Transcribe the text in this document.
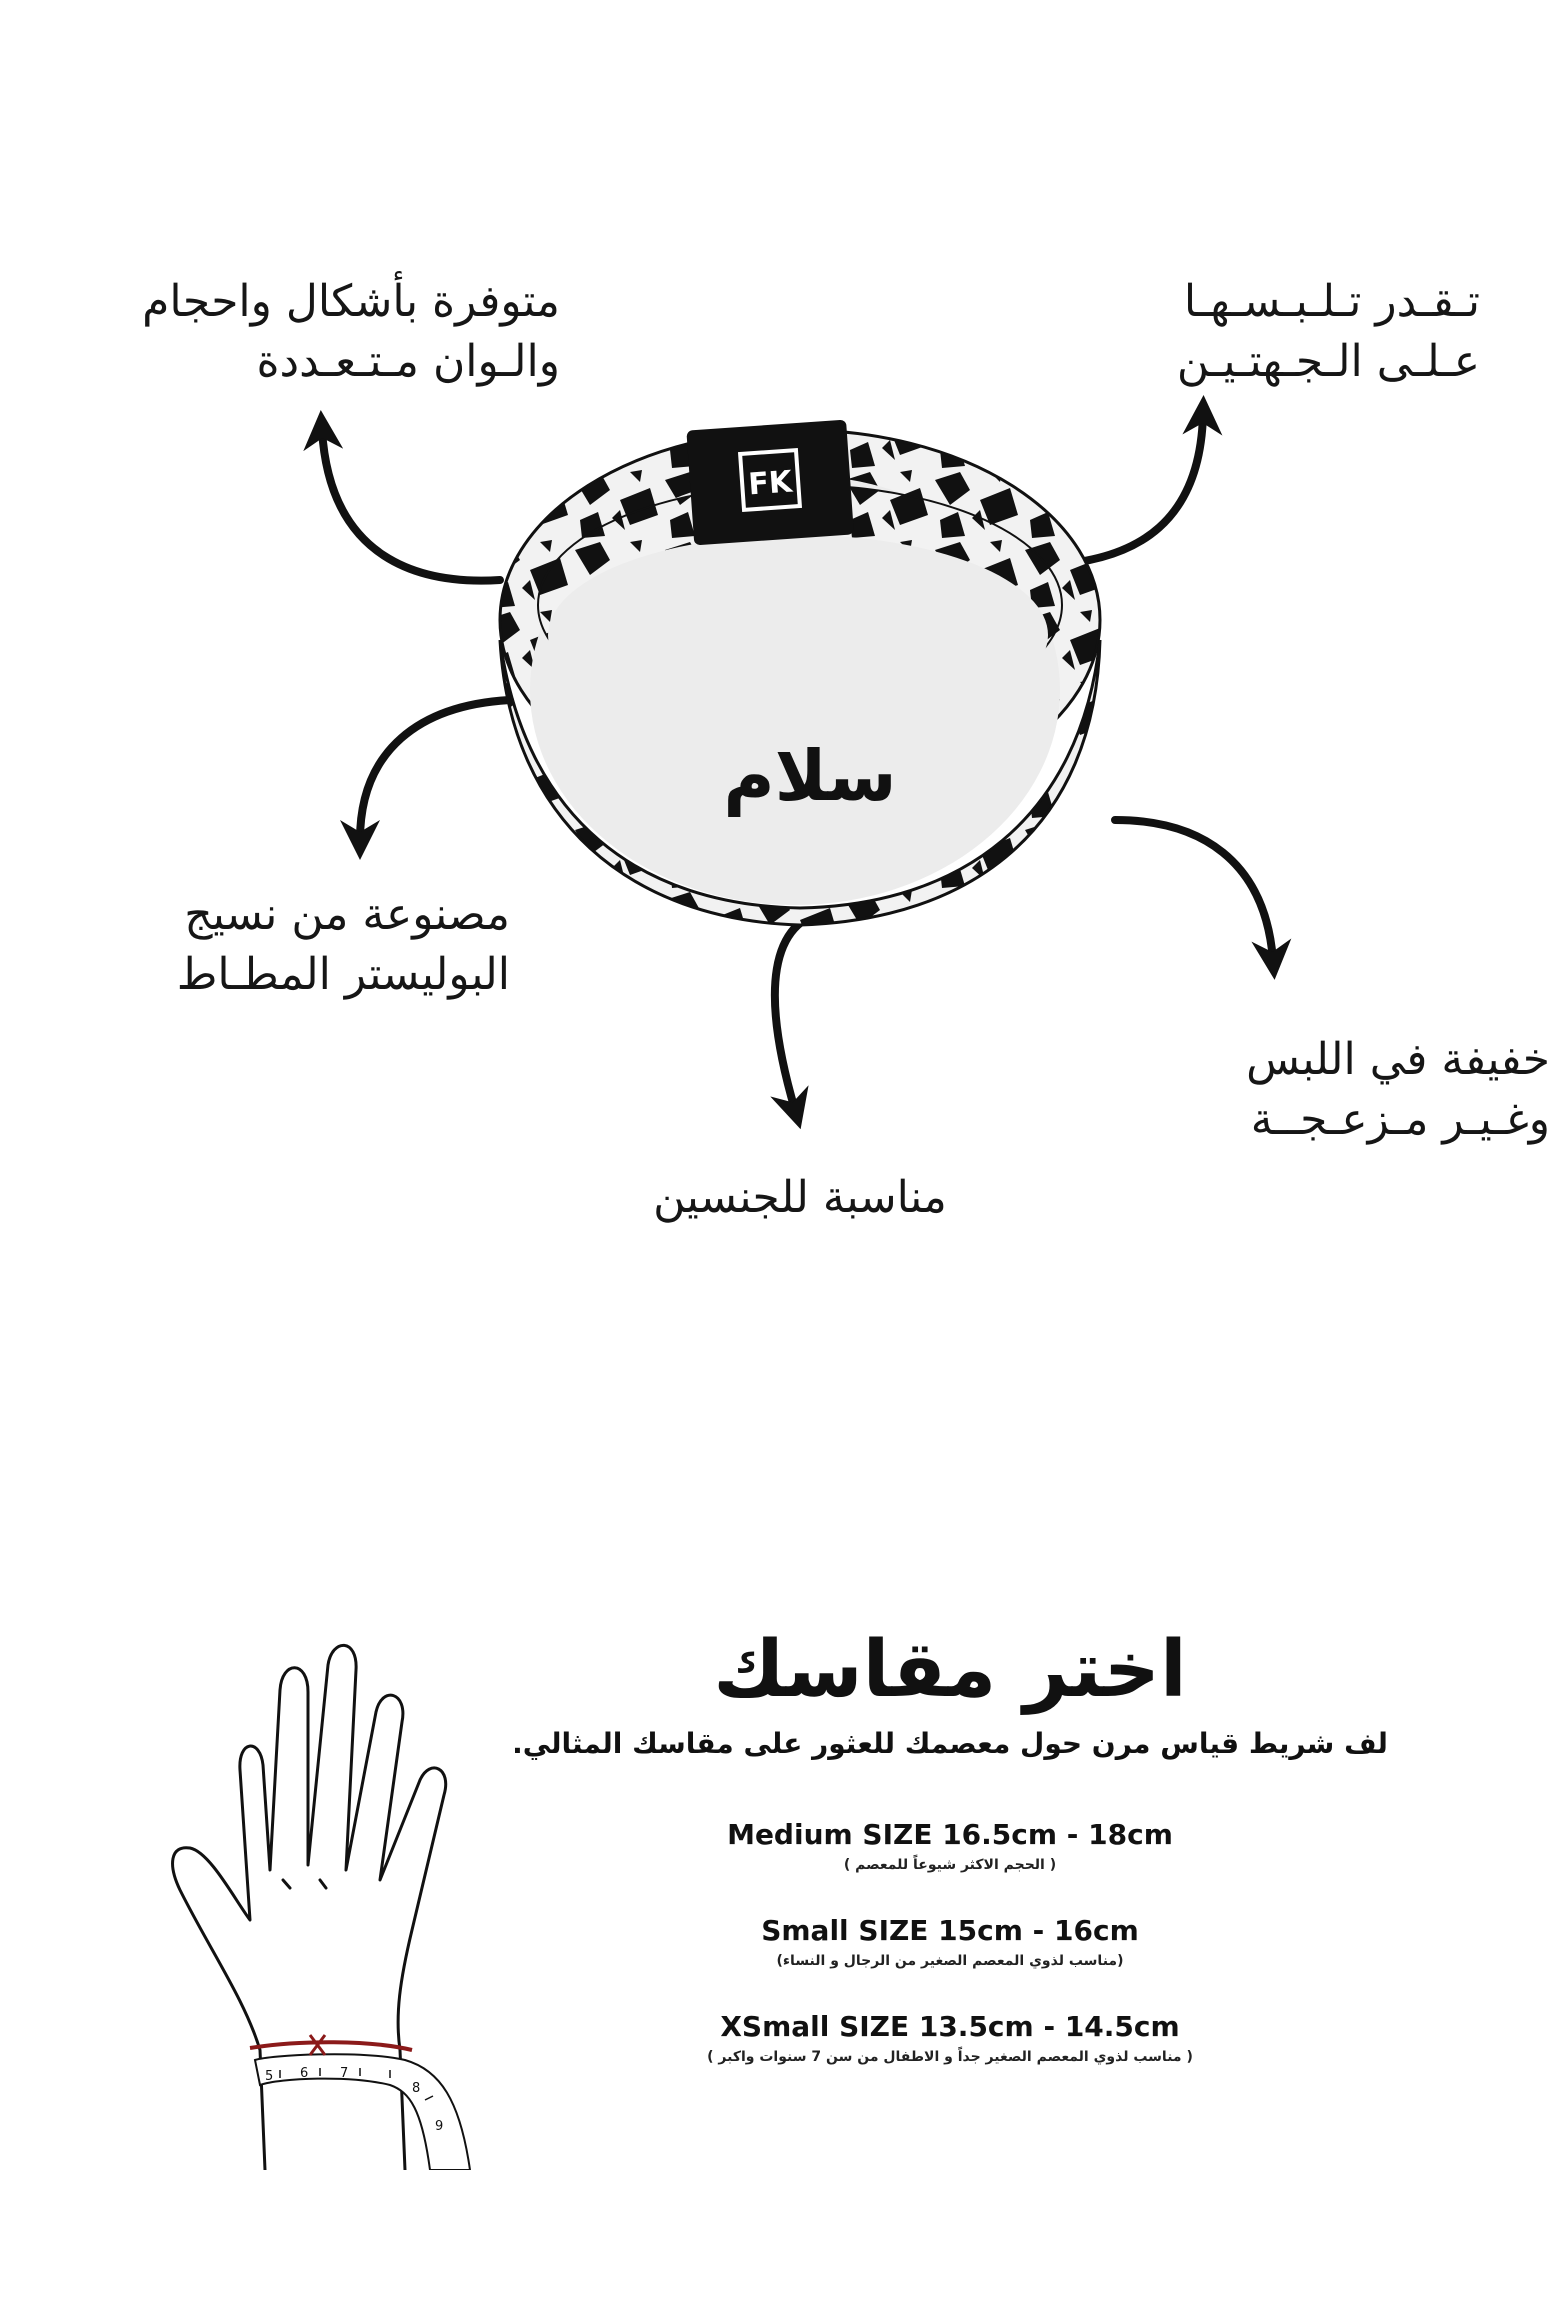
متوفرة بأشكال واحجام
والـوان مـتـعـددة
تـقـدر تـلـبـسـهـا
عـلـى الـجـهتـيـن
مصنوعة من نسيج
البوليستر المطـاط
خفيفة في اللبس
وغـيـر مـزعـجــة
مناسبة للجنسين
FK
سلام
5 6 7
8
9
اختر مقاسك
لف شريط قياس مرن حول معصمك للعثور على مقاسك المثالي.
Medium SIZE 16.5cm - 18cm
( الحجم الاكثر شيوعاً للمعصم )
Small SIZE 15cm - 16cm
(مناسب لذوي المعصم الصغير من الرجال و النساء)
XSmall SIZE 13.5cm - 14.5cm
( مناسب لذوي المعصم الصغير جداً و الاطفال من سن 7 سنوات واكبر )
